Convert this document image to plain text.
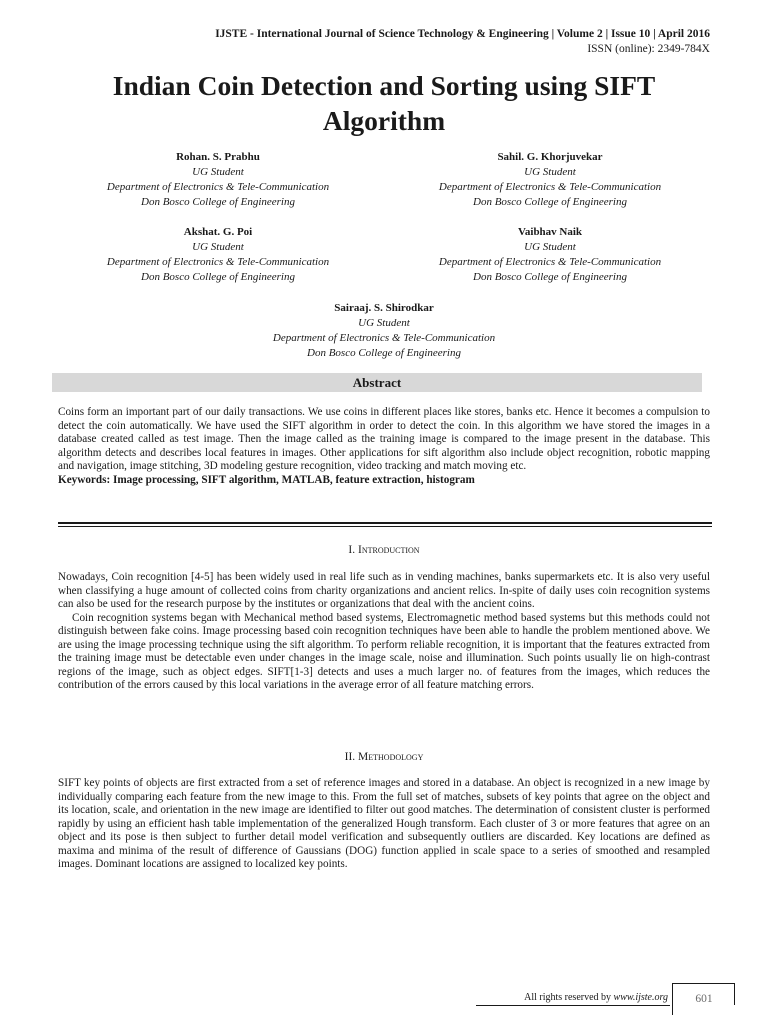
IJSTE - International Journal of Science Technology & Engineering | Volume 2 | Issue 10 | April 2016
ISSN (online): 2349-784X
Indian Coin Detection and Sorting using SIFT Algorithm
Rohan. S. Prabhu
UG Student
Department of Electronics & Tele-Communication
Don Bosco College of Engineering
Sahil. G. Khorjuvekar
UG Student
Department of Electronics & Tele-Communication
Don Bosco College of Engineering
Akshat. G. Poi
UG Student
Department of Electronics & Tele-Communication
Don Bosco College of Engineering
Vaibhav Naik
UG Student
Department of Electronics & Tele-Communication
Don Bosco College of Engineering
Sairaaj. S. Shirodkar
UG Student
Department of Electronics & Tele-Communication
Don Bosco College of Engineering
Abstract

Coins form an important part of our daily transactions. We use coins in different places like stores, banks etc. Hence it becomes a compulsion to detect the coin automatically. We have used the SIFT algorithm in order to detect the coin. In this algorithm we have stored the images in a database created called as test image. Then the image called as the training image is compared to the image present in the database. This algorithm detects and describes local features in images. Other applications for sift algorithm also include object recognition, robotic mapping and navigation, image stitching, 3D modeling gesture recognition, video tracking and match moving etc.

Keywords: Image processing, SIFT algorithm, MATLAB, feature extraction, histogram

I. Introduction

Nowadays, Coin recognition [4-5] has been widely used in real life such as in vending machines, banks supermarkets etc. It is also very useful when classifying a huge amount of collected coins from charity organizations and ancient relics. In-spite of daily uses coin recognition systems can also be used for the research purpose by the institutes or organizations that deal with the ancient coins.

Coin recognition systems began with Mechanical method based systems, Electromagnetic method based systems but this methods could not distinguish between fake coins. Image processing based coin recognition techniques have been able to handle the problem mentioned above. We are using the image processing technique using the sift algorithm. To perform reliable recognition, it is important that the features extracted from the training image must be detectable even under changes in the image scale, noise and illumination. Such points usually lie on high-contrast regions of the image, such as object edges. SIFT[1-3] detects and uses a much larger no. of features from the images, which reduces the contribution of the errors caused by this local variations in the average error of all feature matching errors.

II. Methodology

SIFT key points of objects are first extracted from a set of reference images and stored in a database. An object is recognized in a new image by individually comparing each feature from the new image to this. From the full set of matches, subsets of key points that agree on the object and its location, scale, and orientation in the new image are identified to filter out good matches. The determination of consistent cluster is performed rapidly by using an efficient hash table implementation of the generalized Hough transform. Each cluster of 3 or more features that agree on an object and its pose is then subject to further detail model verification and subsequently outliers are discarded. Key locations are defined as maxima and minima of the result of difference of Gaussians (DOG) function applied in scale space to a series of smoothed and resampled images. Dominant locations are assigned to localized key points.

All rights reserved by www.ijste.org	601
